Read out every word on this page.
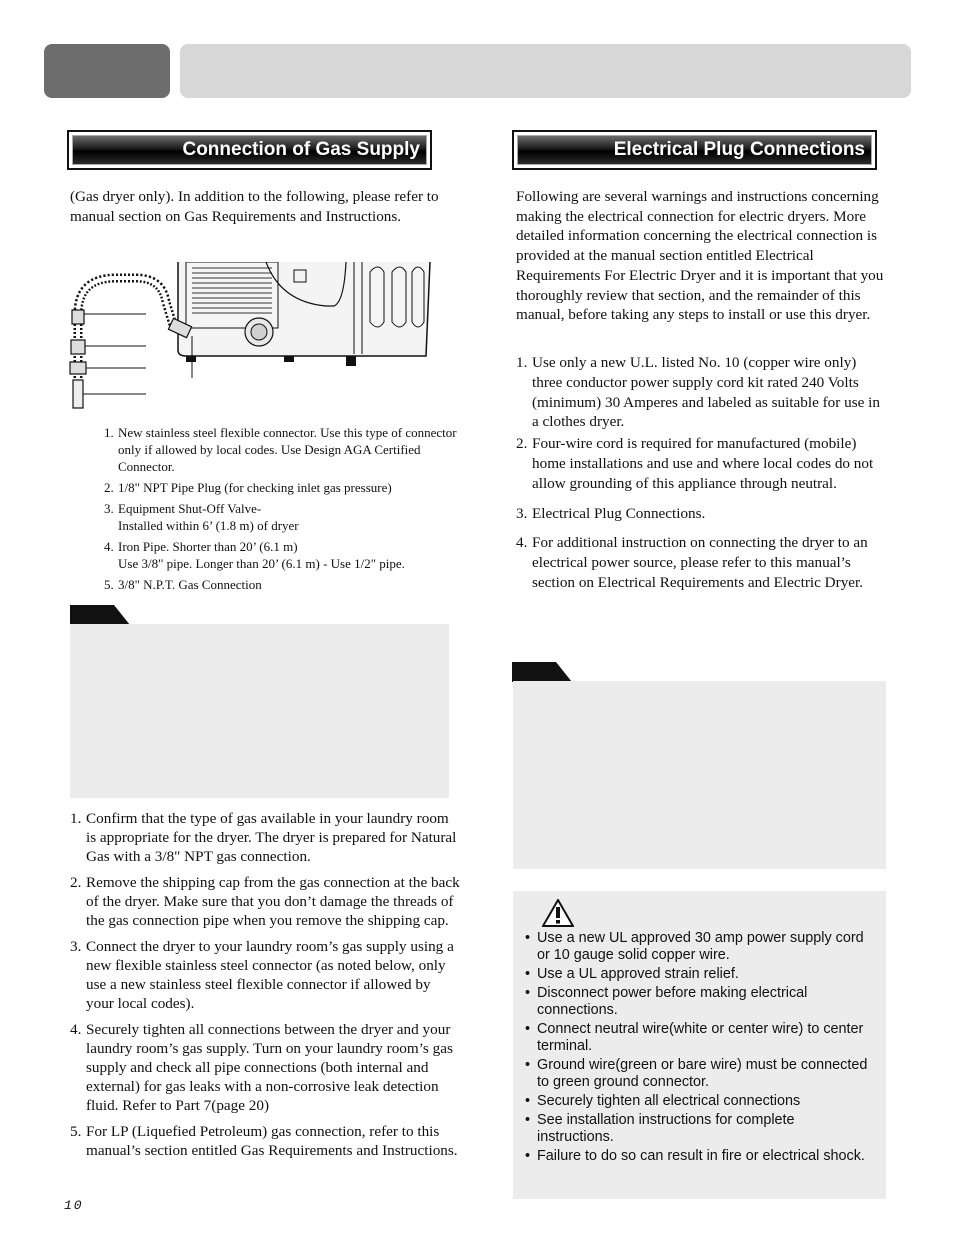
Connection of Gas Supply

(Gas dryer only). In addition to the following, please refer to manual section on Gas Requirements and Instructions.

1. New stainless steel flexible connector. Use this type of connector only if allowed by local codes. Use Design AGA Certified Connector.
2. 1/8" NPT Pipe Plug (for checking inlet gas pressure)
3. Equipment Shut-Off Valve-
Installed within 6’ (1.8 m) of dryer
4. Iron Pipe. Shorter than 20’ (6.1 m)
Use 3/8" pipe. Longer than 20’ (6.1 m) - Use 1/2" pipe.
5. 3/8" N.P.T. Gas Connection
1. Confirm that the type of gas available in your laundry room is appropriate for the dryer. The dryer is prepared for Natural Gas with a 3/8" NPT gas connection.
2. Remove the shipping cap from the gas connection at the back of the dryer. Make sure that you don’t damage the threads of the gas connection pipe when you remove the shipping cap.
3. Connect the dryer to your laundry room’s gas supply using a new flexible stainless steel connector (as noted below, only use a new stainless steel flexible connector if allowed by your local codes).
4. Securely tighten all connections between the dryer and your laundry room’s gas supply. Turn on your laundry room’s gas supply and check all pipe connections (both internal and external) for gas leaks with a non-corrosive leak detection fluid. Refer to Part 7(page 20)
5. For LP (Liquefied Petroleum) gas connection, refer to this manual’s section entitled Gas Requirements and Instructions.
10
Electrical Plug Connections

Following are several warnings and instructions concerning making the electrical connection for electric dryers. More detailed information concerning the electrical connection is provided at the manual section entitled Electrical Requirements For Electric Dryer and it is important that you thoroughly review that section, and the remainder of this manual, before taking any steps to install or use this dryer.

1. Use only a new U.L. listed No. 10 (copper wire only) three conductor power supply cord kit rated 240 Volts (minimum) 30 Amperes and labeled as suitable for use in a clothes dryer.
2. Four-wire cord is required for manufactured (mobile) home installations and use and where local codes do not allow grounding of this appliance through neutral.
3. Electrical Plug Connections.
4. For additional instruction on connecting the dryer to an electrical power source, please refer to this manual’s section on Electrical Requirements and Electric Dryer.
• Use a new UL approved 30 amp power supply cord or 10 gauge solid copper wire.
• Use a UL approved strain relief.
• Disconnect power before making electrical connections.
• Connect neutral wire(white or center wire) to center terminal.
• Ground wire(green or bare wire) must be connected to green ground connector.
• Securely tighten all electrical connections
• See installation instructions for complete instructions.
• Failure to do so can result in fire or electrical shock.
